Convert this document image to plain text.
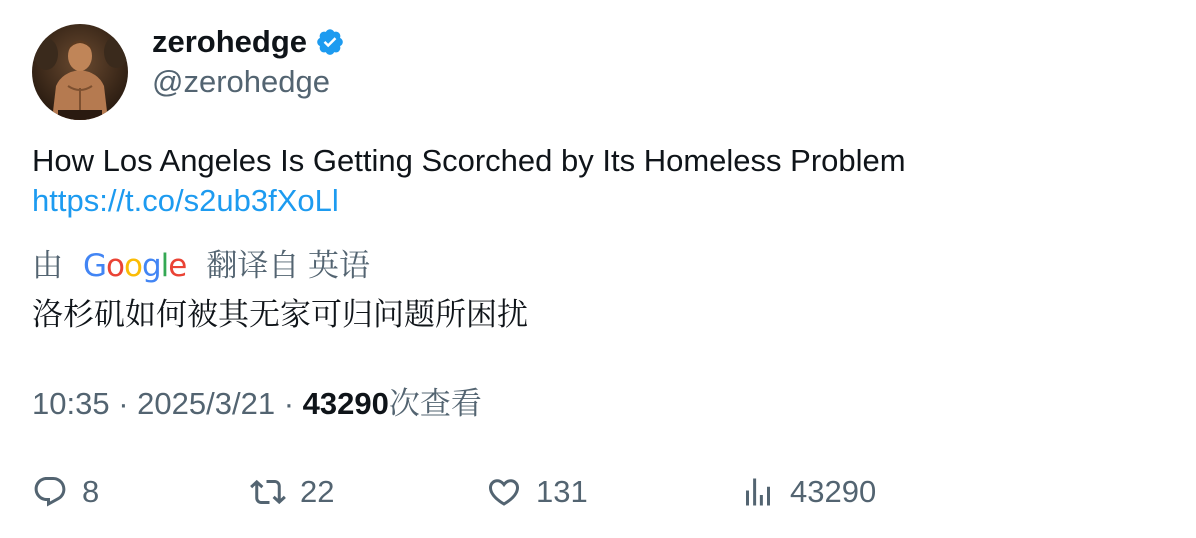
zerohedge
@zerohedge
How Los Angeles Is Getting Scorched by Its Homeless Problem
https://t.co/s2ub3fXoLl
由 Google 翻译自 英语
洛杉矶如何被其无家可归问题所困扰
10:35 · 2025/3/21 · 43290次查看
8	22	131	43290
